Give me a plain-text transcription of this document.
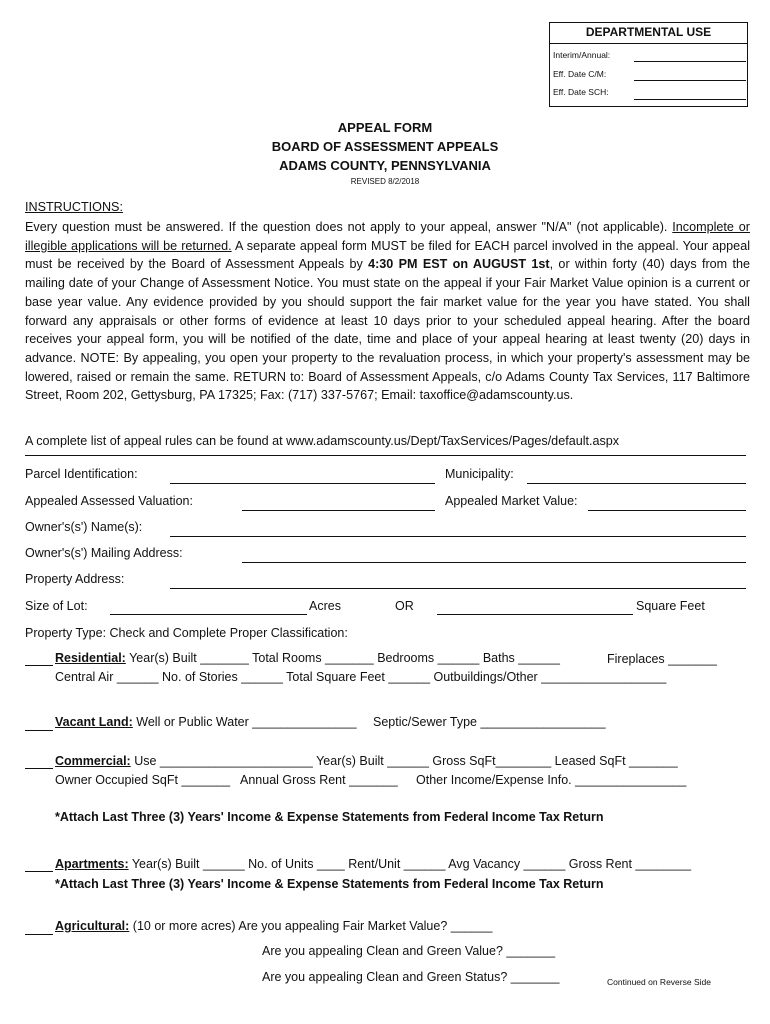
DEPARTMENTAL USE
Interim/Annual:
Eff. Date C/M:
Eff. Date SCH:
APPEAL FORM
BOARD OF ASSESSMENT APPEALS
ADAMS COUNTY, PENNSYLVANIA
REVISED 8/2/2018
INSTRUCTIONS:
Every question must be answered. If the question does not apply to your appeal, answer "N/A" (not applicable). Incomplete or illegible applications will be returned. A separate appeal form MUST be filed for EACH parcel involved in the appeal. Your appeal must be received by the Board of Assessment Appeals by 4:30 PM EST on AUGUST 1st, or within forty (40) days from the mailing date of your Change of Assessment Notice. You must state on the appeal if your Fair Market Value opinion is a current or base year value. Any evidence provided by you should support the fair market value for the year you have stated. You shall forward any appraisals or other forms of evidence at least 10 days prior to your scheduled appeal hearing. After the board receives your appeal form, you will be notified of the date, time and place of your appeal hearing at least twenty (20) days in advance. NOTE: By appealing, you open your property to the revaluation process, in which your property's assessment may be lowered, raised or remain the same. RETURN to: Board of Assessment Appeals, c/o Adams County Tax Services, 117 Baltimore Street, Room 202, Gettysburg, PA 17325; Fax: (717) 337-5767; Email: taxoffice@adamscounty.us.
A complete list of appeal rules can be found at www.adamscounty.us/Dept/TaxServices/Pages/default.aspx
Parcel Identification:	Municipality:
Appealed Assessed Valuation:	Appealed Market Value:
Owner's(s') Name(s):
Owner's(s') Mailing Address:
Property Address:
Size of Lot:	Acres	OR	Square Feet
Property Type: Check and Complete Proper Classification:
Residential: Year(s) Built _______ Total Rooms _______ Bedrooms ______ Baths ______	Fireplaces _______
Central Air ______ No. of Stories ______ Total Square Feet ______ Outbuildings/Other __________________
Vacant Land: Well or Public Water _______________ Septic/Sewer Type __________________
Commercial: Use ______________________ Year(s) Built ______ Gross SqFt________ Leased SqFt _______
Owner Occupied SqFt _______ Annual Gross Rent _______ Other Income/Expense Info. ________________
*Attach Last Three (3) Years' Income & Expense Statements from Federal Income Tax Return
Apartments: Year(s) Built ______ No. of Units ____ Rent/Unit ______ Avg Vacancy ______ Gross Rent ________
*Attach Last Three (3) Years' Income & Expense Statements from Federal Income Tax Return
Agricultural: (10 or more acres) Are you appealing Fair Market Value? ______
Are you appealing Clean and Green Value? _______
Are you appealing Clean and Green Status? _______	Continued on Reverse Side
